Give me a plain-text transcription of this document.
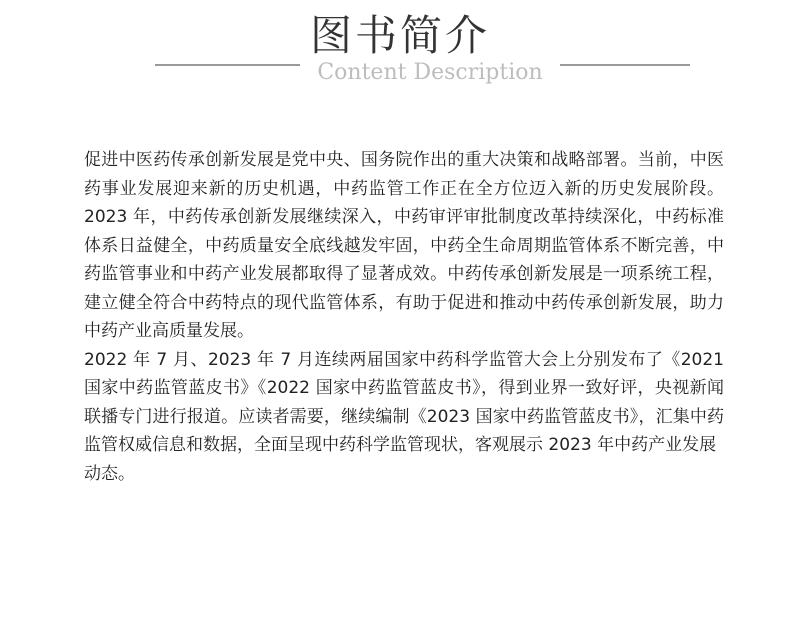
图书简介
Content Description

促进中医药传承创新发展是党中央、国务院作出的重大决策和战略部署。当前，中医药事业发展迎来新的历史机遇，中药监管工作正在全方位迈入新的历史发展阶段。2023 年，中药传承创新发展继续深入，中药审评审批制度改革持续深化，中药标准体系日益健全，中药质量安全底线越发牢固，中药全生命周期监管体系不断完善，中药监管事业和中药产业发展都取得了显著成效。中药传承创新发展是一项系统工程，建立健全符合中药特点的现代监管体系，有助于促进和推动中药传承创新发展，助力中药产业高质量发展。

2022 年 7 月、2023 年 7 月连续两届国家中药科学监管大会上分别发布了《2021 国家中药监管蓝皮书》《2022 国家中药监管蓝皮书》，得到业界一致好评，央视新闻联播专门进行报道。应读者需要，继续编制《2023 国家中药监管蓝皮书》，汇集中药监管权威信息和数据，全面呈现中药科学监管现状，客观展示 2023 年中药产业发展

动态。
